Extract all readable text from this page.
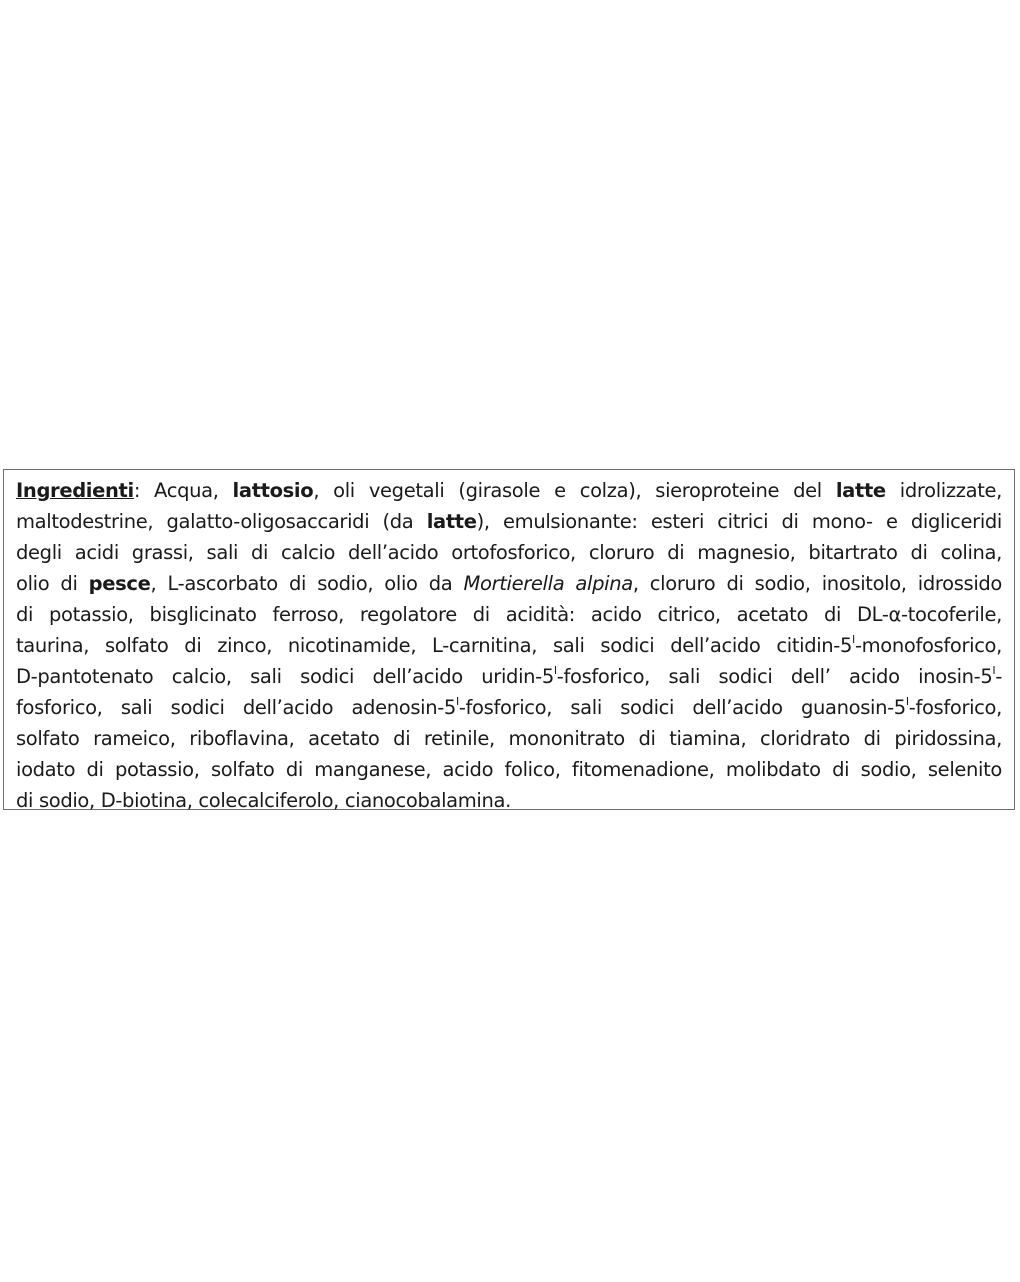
Ingredienti: Acqua, lattosio, oli vegetali (girasole e colza), sieroproteine del latte idrolizzate,
maltodestrine, galatto-oligosaccaridi (da latte), emulsionante: esteri citrici di mono- e digliceridi
degli acidi grassi, sali di calcio dell’acido ortofosforico, cloruro di magnesio, bitartrato di colina,
olio di pesce, L-ascorbato di sodio, olio da Mortierella alpina, cloruro di sodio, inositolo, idrossido
di potassio, bisglicinato ferroso, regolatore di acidità: acido citrico, acetato di DL-α-tocoferile,
taurina, solfato di zinco, nicotinamide, L-carnitina, sali sodici dell’acido citidin-$5^I$-monofosforico,
D-pantotenato calcio, sali sodici dell’acido uridin-$5^I$-fosforico, sali sodici dell’ acido inosin-$5^I-$
fosforico, sali sodici dell’acido adenosin-$5^I$-fosforico, sali sodici dell’acido guanosin-$5^I$-fosforico,
solfato rameico, riboflavina, acetato di retinile, mononitrato di tiamina, cloridrato di piridossina,
iodato di potassio, solfato di manganese, acido folico, fitomenadione, molibdato di sodio, selenito
di sodio, D-biotina, colecalciferolo, cianocobalamina.
